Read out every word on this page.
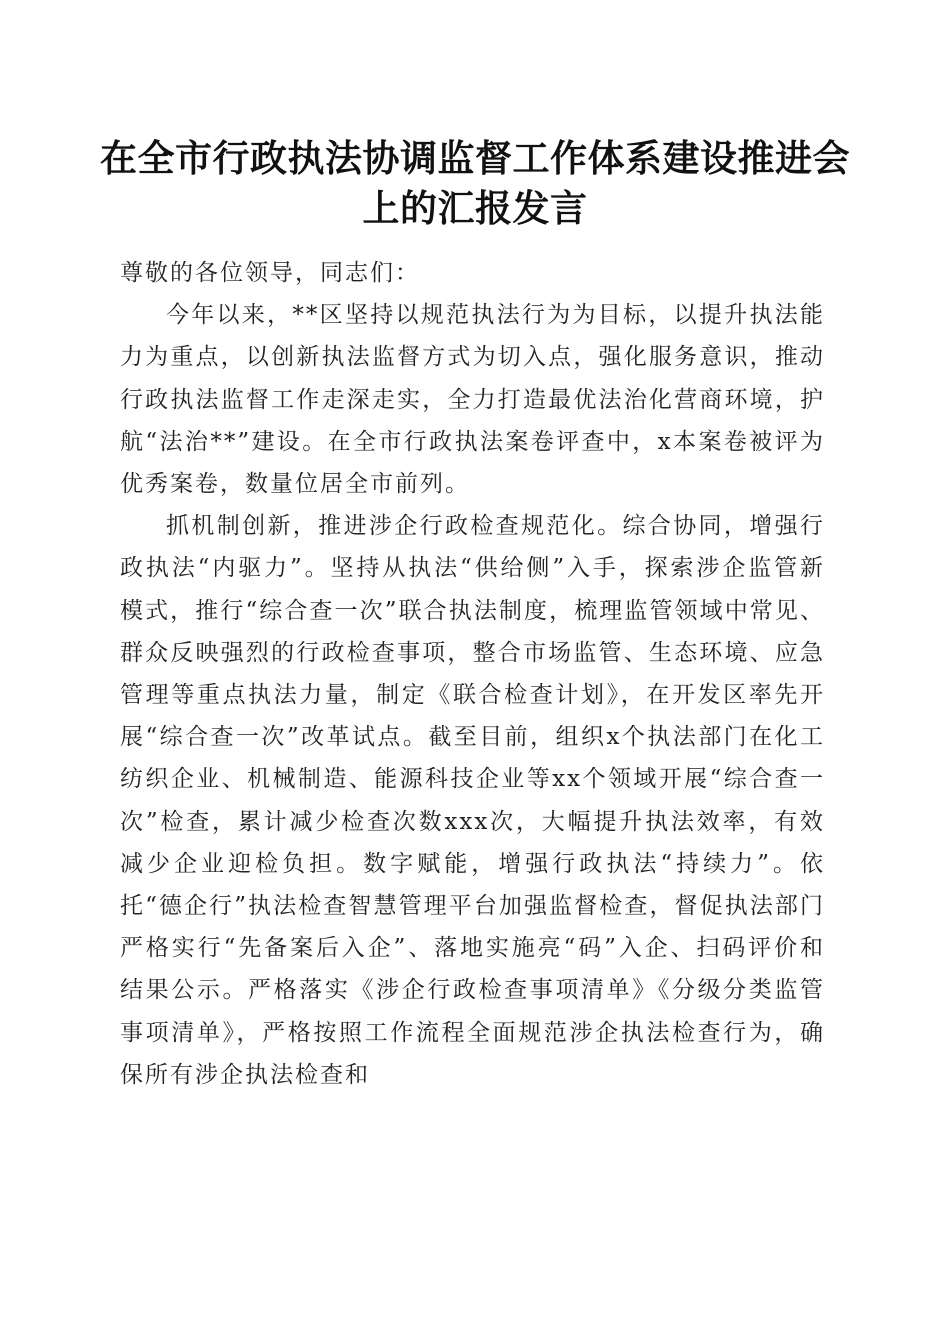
在全市行政执法协调监督工作体系建设推进会上的汇报发言

尊敬的各位领导，同志们：

今年以来，**区坚持以规范执法行为为目标，以提升执法能力为重点，以创新执法监督方式为切入点，强化服务意识，推动行政执法监督工作走深走实，全力打造最优法治化营商环境，护航“法治**”建设。在全市行政执法案卷评查中，x本案卷被评为优秀案卷，数量位居全市前列。

抓机制创新，推进涉企行政检查规范化。综合协同，增强行政执法“内驱力”。坚持从执法“供给侧”入手，探索涉企监管新模式，推行“综合查一次”联合执法制度，梳理监管领域中常见、群众反映强烈的行政检查事项，整合市场监管、生态环境、应急管理等重点执法力量，制定《联合检查计划》，在开发区率先开展“综合查一次”改革试点。截至目前，组织x个执法部门在化工纺织企业、机械制造、能源科技企业等xx个领域开展“综合查一次”检查，累计减少检查次数xxx次，大幅提升执法效率，有效减少企业迎检负担。数字赋能，增强行政执法“持续力”。依托“德企行”执法检查智慧管理平台加强监督检查，督促执法部门严格实行“先备案后入企”、落地实施亮“码”入企、扫码评价和结果公示。严格落实《涉企行政检查事项清单》《分级分类监管事项清单》，严格按照工作流程全面规范涉企执法检查行为，确保所有涉企执法检查和
